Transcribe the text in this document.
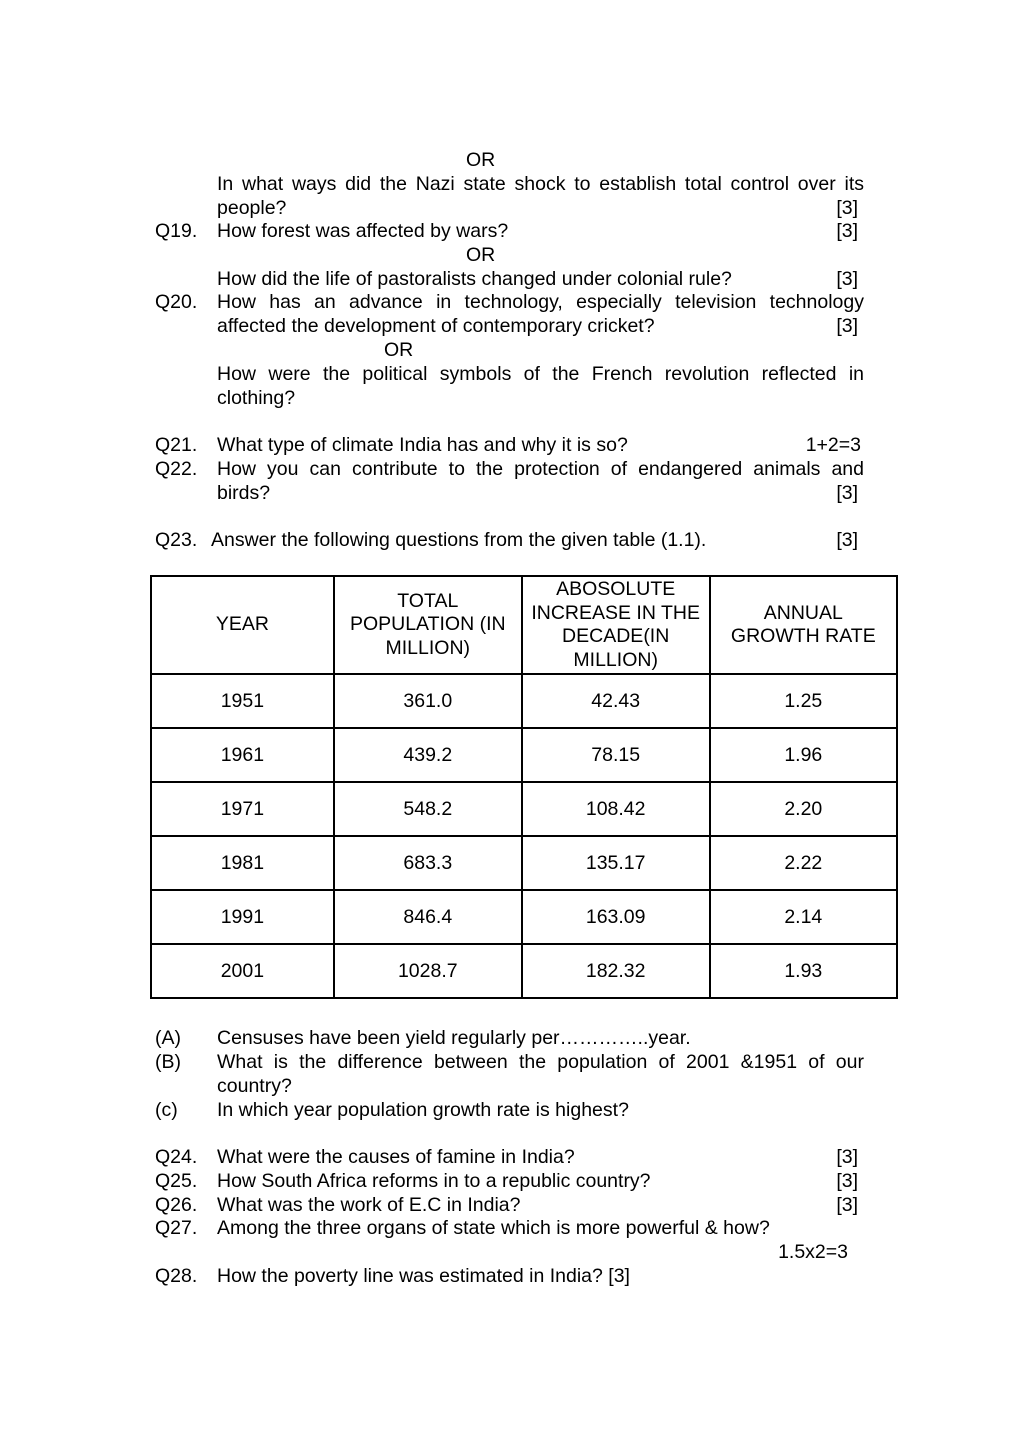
OR
In what ways did the Nazi state shock to establish total control over its
people?	[3]
Q19. How forest was affected by wars?	[3]
OR
How did the life of pastoralists changed under colonial rule?	[3]
Q20. How has an advance in technology, especially television technology
affected the development of contemporary cricket?	[3]
OR
How were the political symbols of the French revolution reflected in
clothing?
Q21. What type of climate India has and why it is so?	1+2=3
Q22. How you can contribute to the protection of endangered animals and
birds?	[3]
Q23. Answer the following questions from the given table (1.1).	[3]
YEAR	TOTAL
POPULATION (IN
MILLION)	ABOSOLUTE
INCREASE IN THE
DECADE(IN
MILLION)	ANNUAL
GROWTH RATE
1951	361.0	42.43	1.25
1961	439.2	78.15	1.96
1971	548.2	108.42	2.20
1981	683.3	135.17	2.22
1991	846.4	163.09	2.14
2001	1028.7	182.32	1.93
(A) Censuses have been yield regularly per…………..year.
(B) What is the difference between the population of 2001 &1951 of our
country?
(c) In which year population growth rate is highest?
Q24. What were the causes of famine in India?	[3]
Q25. How South Africa reforms in to a republic country?	[3]
Q26. What was the work of E.C in India?	[3]
Q27. Among the three organs of state which is more powerful & how?
1.5x2=3
Q28. How the poverty line was estimated in India? [3]
